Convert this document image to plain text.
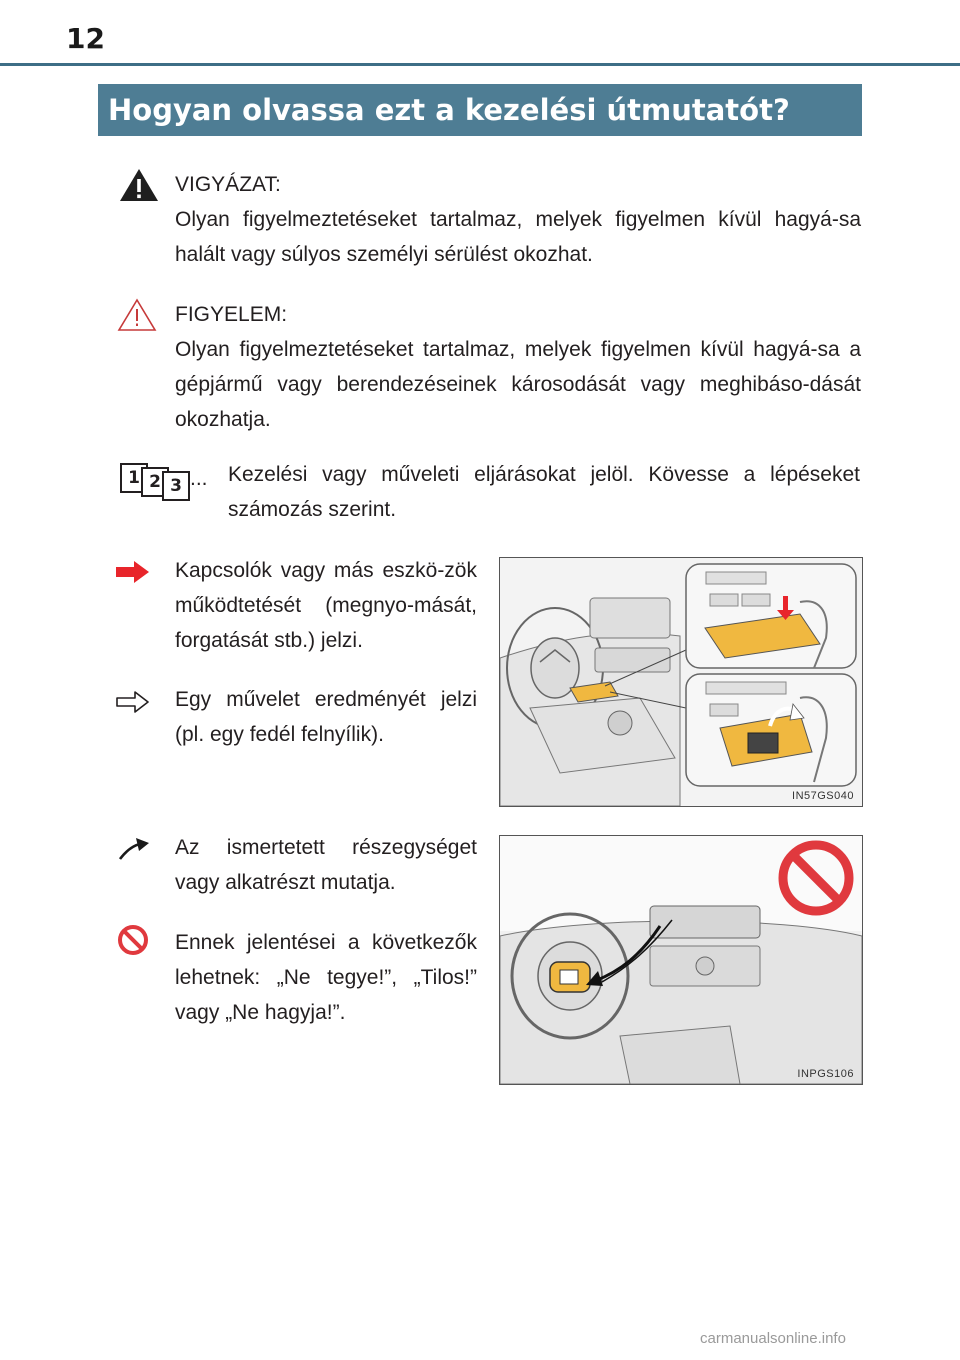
12
Hogyan olvassa ezt a kezelési útmutatót?
VIGYÁZAT:
Olyan figyelmeztetéseket tartalmaz, melyek figyelmen kívül hagyá-sa halált vagy súlyos személyi sérülést okozhat.
FIGYELEM:
Olyan figyelmeztetéseket tartalmaz, melyek figyelmen kívül hagyá-sa a gépjármű vagy berendezéseinek károsodását vagy meghibáso-dását okozhatja.
1 2 3 ... Kezelési vagy műveleti eljárásokat jelöl. Kövesse a lépéseket számozás szerint.
Kapcsolók vagy más eszkö-zök működtetését (megnyo-mását, forgatását stb.) jelzi.
Egy művelet eredményét jelzi (pl. egy fedél felnyílik).
Az ismertetett részegységet vagy alkatrészt mutatja.
Ennek jelentései a következők lehetnek: „Ne tegye!”, „Tilos!” vagy „Ne hagyja!”.
IN57GS040
INPGS106
carmanualsonline.info
